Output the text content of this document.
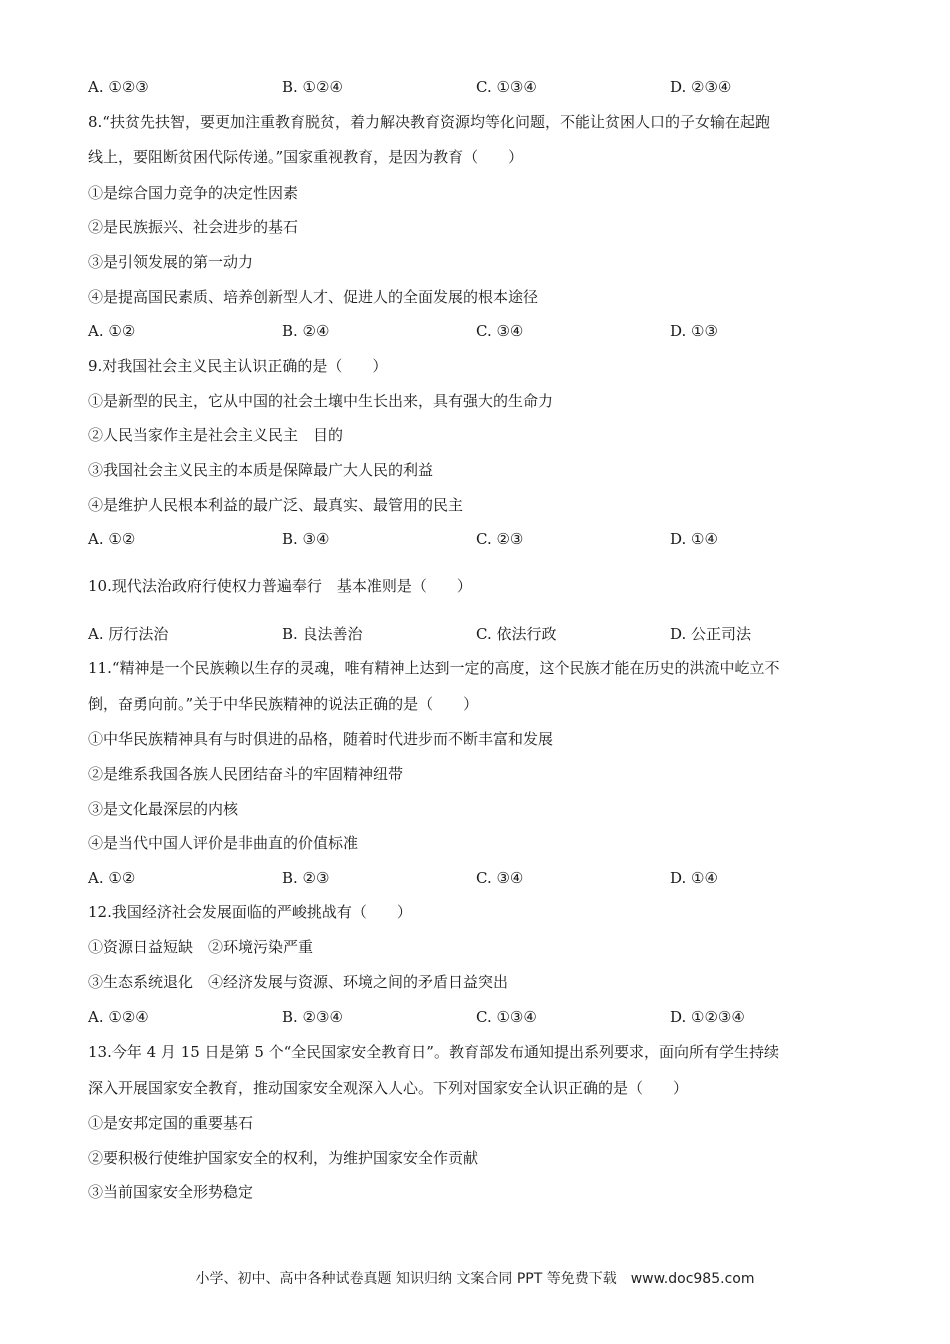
A. ①②③	B. ①②④	C. ①③④	D. ②③④
8.“扶贫先扶智，要更加注重教育脱贫，着力解决教育资源均等化问题，不能让贫困人口的子女输在起跑
线上，要阻断贫困代际传递。”国家重视教育，是因为教育（　　）
①是综合国力竞争的决定性因素
②是民族振兴、社会进步的基石
③是引领发展的第一动力
④是提高国民素质、培养创新型人才、促进人的全面发展的根本途径
A. ①②	B. ②④	C. ③④	D. ①③
9.对我国社会主义民主认识正确的是（　　）
①是新型的民主，它从中国的社会土壤中生长出来，具有强大的生命力
②人民当家作主是社会主义民主　目的
③我国社会主义民主的本质是保障最广大人民的利益
④是维护人民根本利益的最广泛、最真实、最管用的民主
A. ①②	B. ③④	C. ②③	D. ①④
10.现代法治政府行使权力普遍奉行　基本准则是（　　）
A. 厉行法治	B. 良法善治	C. 依法行政	D. 公正司法
11.“精神是一个民族赖以生存的灵魂，唯有精神上达到一定的高度，这个民族才能在历史的洪流中屹立不
倒，奋勇向前。”关于中华民族精神的说法正确的是（　　）
①中华民族精神具有与时俱进的品格，随着时代进步而不断丰富和发展
②是维系我国各族人民团结奋斗的牢固精神纽带
③是文化最深层的内核
④是当代中国人评价是非曲直的价值标准
A. ①②	B. ②③	C. ③④	D. ①④
12.我国经济社会发展面临的严峻挑战有（　　）
①资源日益短缺　②环境污染严重
③生态系统退化　④经济发展与资源、环境之间的矛盾日益突出
A. ①②④	B. ②③④	C. ①③④	D. ①②③④
13.今年 4 月 15 日是第 5 个“全民国家安全教育日”。教育部发布通知提出系列要求，面向所有学生持续
深入开展国家安全教育，推动国家安全观深入人心。下列对国家安全认识正确的是（　　）
①是安邦定国的重要基石
②要积极行使维护国家安全的权利，为维护国家安全作贡献
③当前国家安全形势稳定
小学、初中、高中各种试卷真题 知识归纳 文案合同 PPT 等免费下载　www.doc985.com
